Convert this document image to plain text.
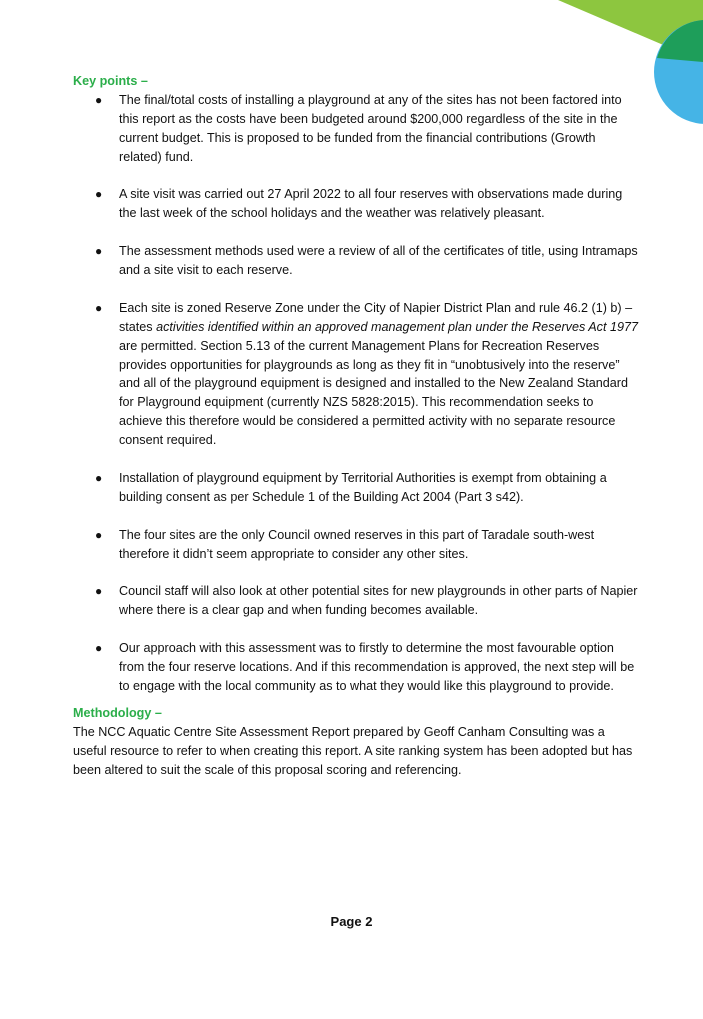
Key points –
● The final/total costs of installing a playground at any of the sites has not been factored into this report as the costs have been budgeted around $200,000 regardless of the site in the current budget. This is proposed to be funded from the financial contributions (Growth related) fund.
● A site visit was carried out 27 April 2022 to all four reserves with observations made during the last week of the school holidays and the weather was relatively pleasant.
● The assessment methods used were a review of all of the certificates of title, using Intramaps and a site visit to each reserve.
● Each site is zoned Reserve Zone under the City of Napier District Plan and rule 46.2 (1) b) – states activities identified within an approved management plan under the Reserves Act 1977 are permitted. Section 5.13 of the current Management Plans for Recreation Reserves provides opportunities for playgrounds as long as they fit in “unobtusively into the reserve” and all of the playground equipment is designed and installed to the New Zealand Standard for Playground equipment (currently NZS 5828:2015). This recommendation seeks to achieve this therefore would be considered a permitted activity with no separate resource consent required.
● Installation of playground equipment by Territorial Authorities is exempt from obtaining a building consent as per Schedule 1 of the Building Act 2004 (Part 3 s42).
● The four sites are the only Council owned reserves in this part of Taradale south-west therefore it didn’t seem appropriate to consider any other sites.
● Council staff will also look at other potential sites for new playgrounds in other parts of Napier where there is a clear gap and when funding becomes available.
● Our approach with this assessment was to firstly to determine the most favourable option from the four reserve locations. And if this recommendation is approved, the next step will be to engage with the local community as to what they would like this playground to provide.
Methodology –

The NCC Aquatic Centre Site Assessment Report prepared by Geoff Canham Consulting was a useful resource to refer to when creating this report. A site ranking system has been adopted but has been altered to suit the scale of this proposal scoring and referencing.

Page 2
